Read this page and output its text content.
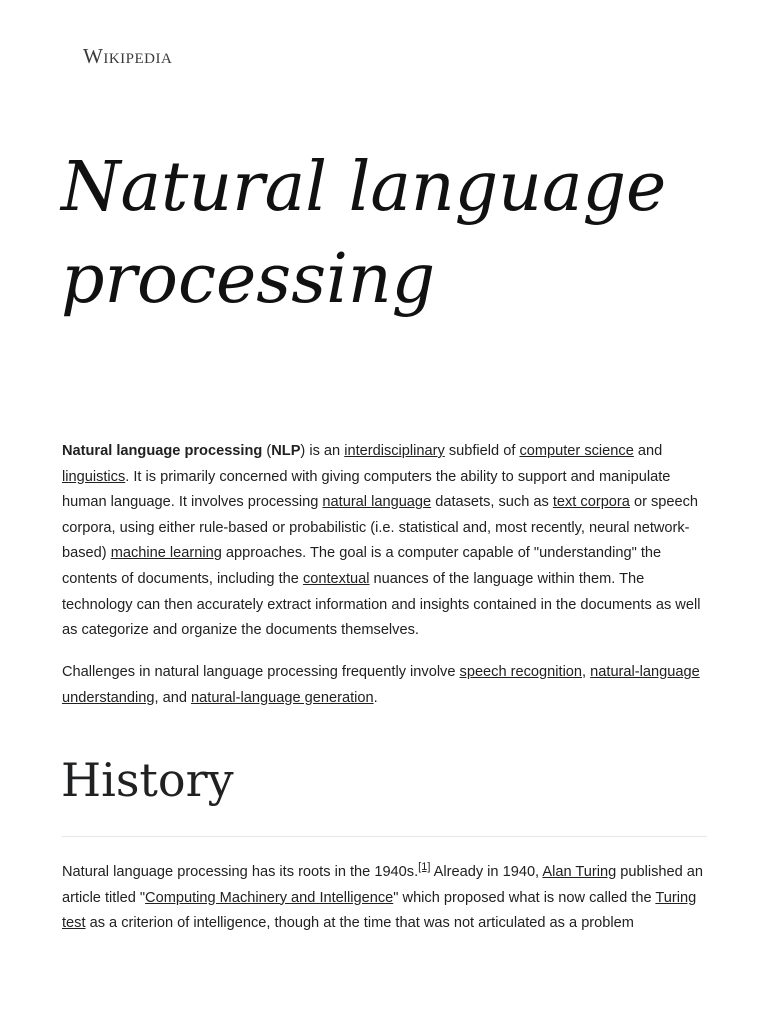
Wikipedia
Natural language processing

Natural language processing (NLP) is an interdisciplinary subfield of computer science and linguistics. It is primarily concerned with giving computers the ability to support and manipulate human language. It involves processing natural language datasets, such as text corpora or speech corpora, using either rule-based or probabilistic (i.e. statistical and, most recently, neural network-based) machine learning approaches. The goal is a computer capable of "understanding" the contents of documents, including the contextual nuances of the language within them. The technology can then accurately extract information and insights contained in the documents as well as categorize and organize the documents themselves.

Challenges in natural language processing frequently involve speech recognition, natural-language understanding, and natural-language generation.

History

Natural language processing has its roots in the 1940s.[1] Already in 1940, Alan Turing published an article titled "Computing Machinery and Intelligence" which proposed what is now called the Turing test as a criterion of intelligence, though at the time that was not articulated as a problem
